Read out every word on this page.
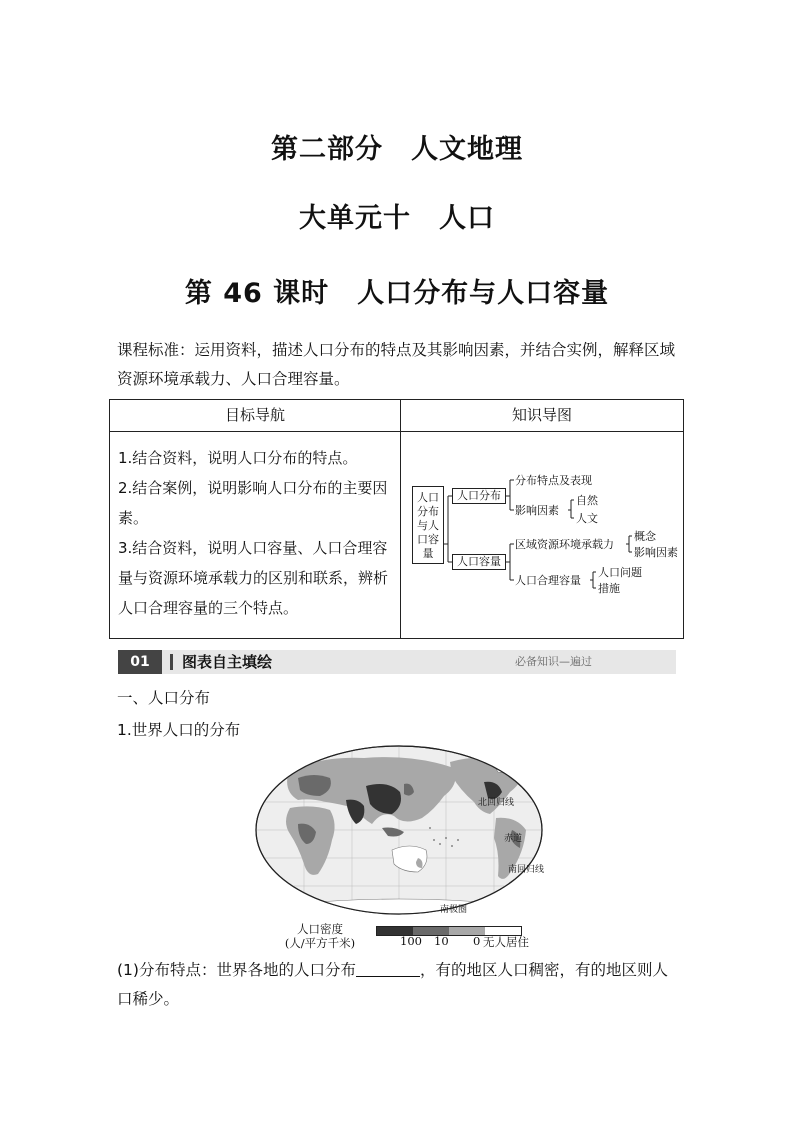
第二部分　人文地理
大单元十　人口
第 46 课时　人口分布与人口容量
课程标准：运用资料，描述人口分布的特点及其影响因素，并结合实例，解释区域资源环境承载力、人口合理容量。
目标导航	知识导图

1.结合资料，说明人口分布的特点。

2.结合案例，说明影响人口分布的主要因素。

3.结合资料，说明人口容量、人口合理容量与资源环境承载力的区别和联系，辨析人口合理容量的三个特点。

人口分布与人口容量
人口分布
分布特点及表现
影响因素
自然
人文
人口容量
区域资源环境承载力
概念
影响因素
人口合理容量
人口问题
措施
01	图表自主填绘	必备知识—遍过
一、人口分布
1.世界人口的分布
北回归线
赤道
南回归线
南极圈
人口密度
(人/平方千米)	100 10 0 无人居住
(1)分布特点：世界各地的人口分布	，有的地区人口稠密，有的地区则人口稀少。
